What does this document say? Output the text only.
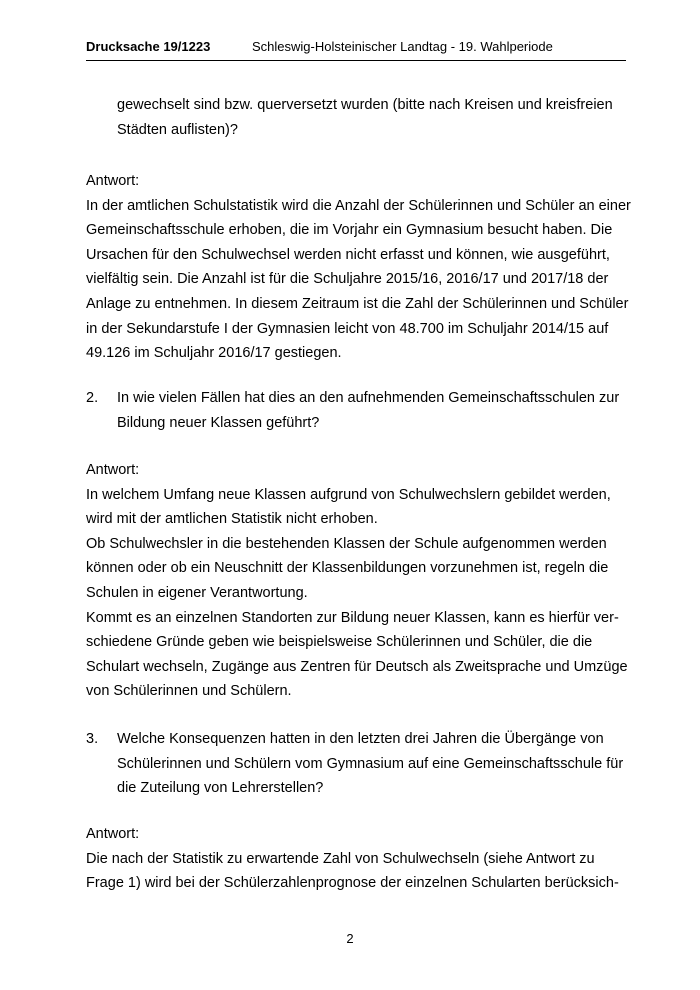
Drucksache 19/1223	Schleswig-Holsteinischer Landtag - 19. Wahlperiode
gewechselt sind bzw. querversetzt wurden (bitte nach Kreisen und kreisfreien
Städten auflisten)?
Antwort:
In der amtlichen Schulstatistik wird die Anzahl der Schülerinnen und Schüler an einer
Gemeinschaftsschule erhoben, die im Vorjahr ein Gymnasium besucht haben. Die
Ursachen für den Schulwechsel werden nicht erfasst und können, wie ausgeführt,
vielfältig sein. Die Anzahl ist für die Schuljahre 2015/16, 2016/17 und 2017/18 der
Anlage zu entnehmen. In diesem Zeitraum ist die Zahl der Schülerinnen und Schüler
in der Sekundarstufe I der Gymnasien leicht von 48.700 im Schuljahr 2014/15 auf
49.126 im Schuljahr 2016/17 gestiegen.
2. In wie vielen Fällen hat dies an den aufnehmenden Gemeinschaftsschulen zur
Bildung neuer Klassen geführt?
Antwort:
In welchem Umfang neue Klassen aufgrund von Schulwechslern gebildet werden,
wird mit der amtlichen Statistik nicht erhoben.
Ob Schulwechsler in die bestehenden Klassen der Schule aufgenommen werden
können oder ob ein Neuschnitt der Klassenbildungen vorzunehmen ist, regeln die
Schulen in eigener Verantwortung.
Kommt es an einzelnen Standorten zur Bildung neuer Klassen, kann es hierfür ver-
schiedene Gründe geben wie beispielsweise Schülerinnen und Schüler, die die
Schulart wechseln, Zugänge aus Zentren für Deutsch als Zweitsprache und Umzüge
von Schülerinnen und Schülern.
3. Welche Konsequenzen hatten in den letzten drei Jahren die Übergänge von
Schülerinnen und Schülern vom Gymnasium auf eine Gemeinschaftsschule für
die Zuteilung von Lehrerstellen?
Antwort:
Die nach der Statistik zu erwartende Zahl von Schulwechseln (siehe Antwort zu
Frage 1) wird bei der Schülerzahlenprognose der einzelnen Schularten berücksich-
2
